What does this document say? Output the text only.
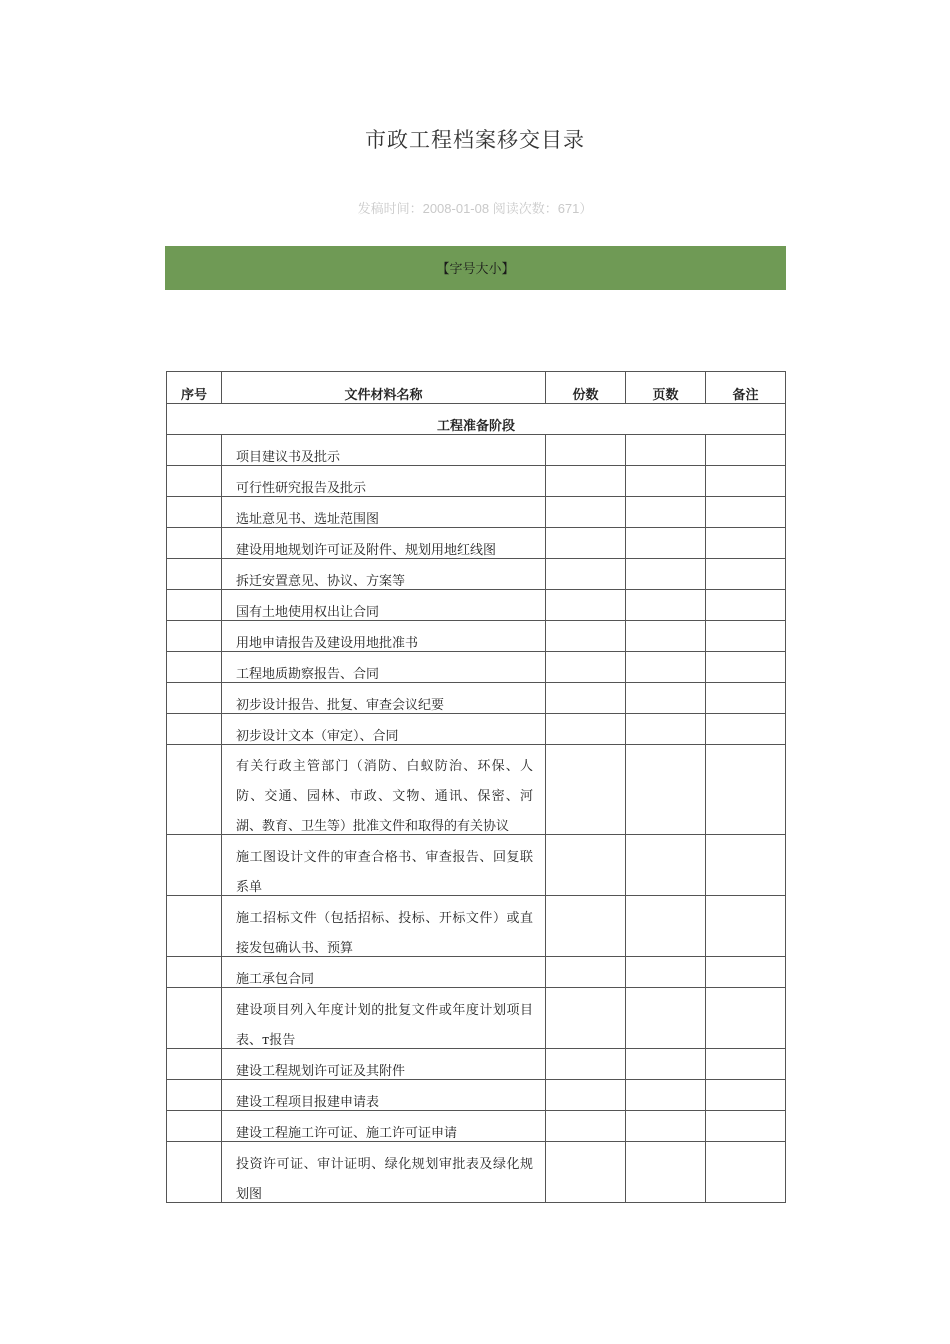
市政工程档案移交目录
发稿时间：2008-01-08 阅读次数：671）
【字号大小】
序号	文件材料名称	份数	页数	备注
工程准备阶段				

	项目建议书及批示			

	可行性研究报告及批示			

	选址意见书、选址范围图			

	建设用地规划许可证及附件、规划用地红线图			

	拆迁安置意见、协议、方案等			

	国有土地使用权出让合同			

	用地申请报告及建设用地批准书			

	工程地质勘察报告、合同			

	初步设计报告、批复、审查会议纪要			

	初步设计文本（审定）、合同			

	有关行政主管部门（消防、白蚁防治、环保、人防、交通、园林、市政、文物、通讯、保密、河湖、教育、卫生等）批准文件和取得的有关协议			

	施工图设计文件的审查合格书、审查报告、回复联系单			

	施工招标文件（包括招标、投标、开标文件）或直接发包确认书、预算			

	施工承包合同			

	建设项目列入年度计划的批复文件或年度计划项目表、т报告			

	建设工程规划许可证及其附件			

	建设工程项目报建申请表			

	建设工程施工许可证、施工许可证申请			

	投资许可证、审计证明、绿化规划审批表及绿化规划图			
